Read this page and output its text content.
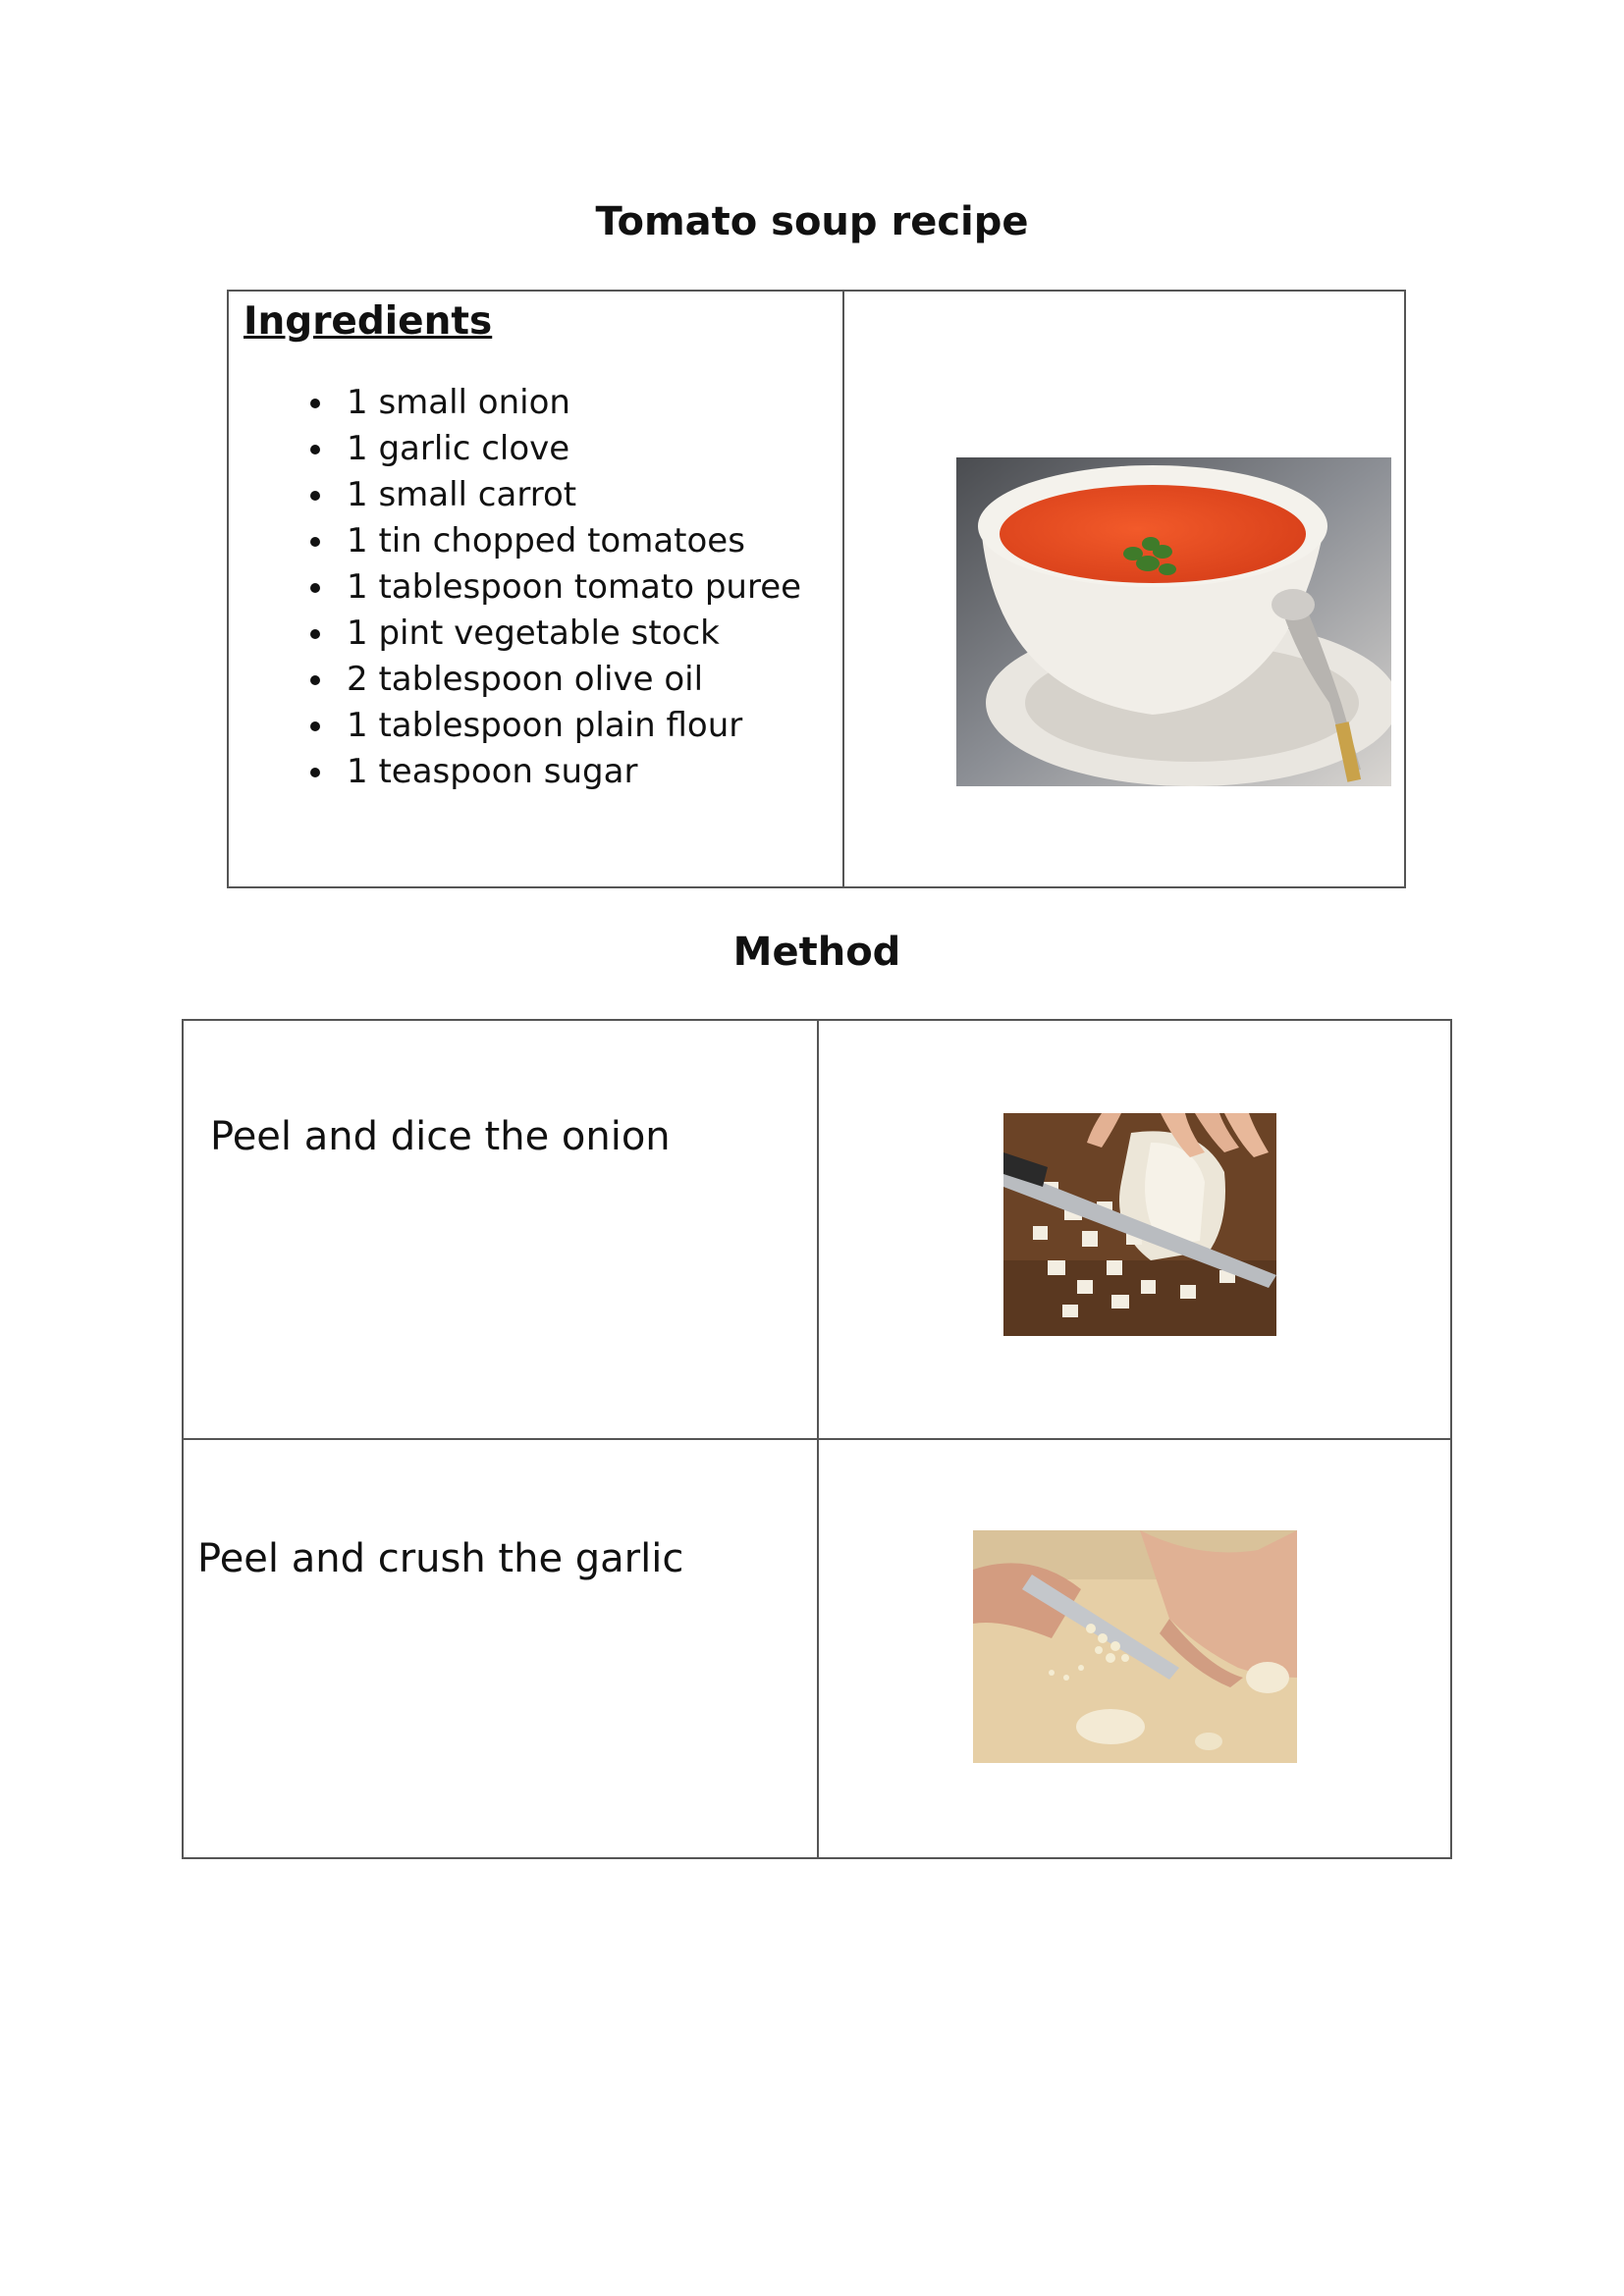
Tomato soup recipe

Ingredients

• 1 small onion
• 1 garlic clove
• 1 small carrot
• 1 tin chopped tomatoes
• 1 tablespoon tomato puree
• 1 pint vegetable stock
• 2 tablespoon olive oil
• 1 tablespoon plain flour
• 1 teaspoon sugar

Method

Peel and dice the onion

Peel and crush the garlic
